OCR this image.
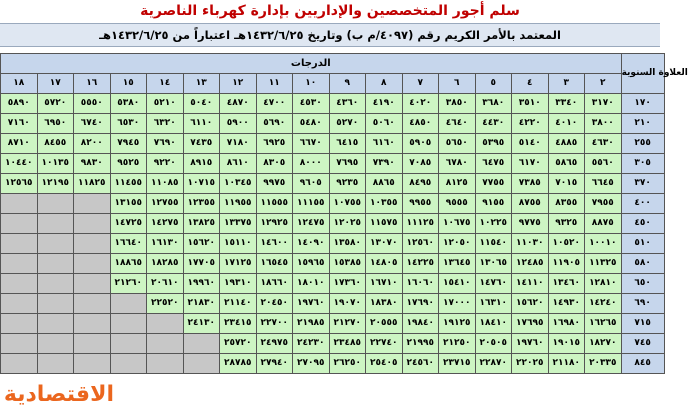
سلم أجور المتخصصين والإداريين بإدارة كهرباء الناصرية
المعتمد بالأمر الكريم رقم (٤٠٩٧/م ب) وتاريخ ١٤٣٢/٦/٢٥هـ اعتباراً من ١٤٣٢/٦/٢٥هـ
الدرجات																	العلاوة السنوية
١٨	١٧	١٦	١٥	١٤	١٣	١٢	١١	١٠	٩	٨	٧	٦	٥	٤	٣	٢	
٥٨٩٠	٥٧٢٠	٥٥٥٠	٥٣٨٠	٥٢١٠	٥٠٤٠	٤٨٧٠	٤٧٠٠	٤٥٣٠	٤٣٦٠	٤١٩٠	٤٠٢٠	٣٨٥٠	٣٦٨٠	٣٥١٠	٣٣٤٠	٣١٧٠	١٧٠
٧١٦٠	٦٩٥٠	٦٧٤٠	٦٥٣٠	٦٣٢٠	٦١١٠	٥٩٠٠	٥٦٩٠	٥٤٨٠	٥٢٧٠	٥٠٦٠	٤٨٥٠	٤٦٤٠	٤٤٣٠	٤٢٢٠	٤٠١٠	٣٨٠٠	٢١٠
٨٧١٠	٨٤٥٥	٨٢٠٠	٧٩٤٥	٧٦٩٠	٧٤٣٥	٧١٨٠	٦٩٢٥	٦٦٧٠	٦٤١٥	٦١٦٠	٥٩٠٥	٥٦٥٠	٥٣٩٥	٥١٤٠	٤٨٨٥	٤٦٣٠	٢٥٥
١٠٤٤٠	١٠١٣٥	٩٨٣٠	٩٥٢٥	٩٢٢٠	٨٩١٥	٨٦١٠	٨٣٠٥	٨٠٠٠	٧٦٩٥	٧٣٩٠	٧٠٨٥	٦٧٨٠	٦٤٧٥	٦١٧٠	٥٨٦٥	٥٥٦٠	٣٠٥
١٢٥٦٥	١٢١٩٥	١١٨٢٥	١١٤٥٥	١١٠٨٥	١٠٧١٥	١٠٣٤٥	٩٩٧٥	٩٦٠٥	٩٢٣٥	٨٨٦٥	٨٤٩٥	٨١٢٥	٧٧٥٥	٧٣٨٥	٧٠١٥	٦٦٤٥	٣٧٠
			١٣١٥٥	١٢٧٥٥	١٢٣٥٥	١١٩٥٥	١١٥٥٥	١١١٥٥	١٠٧٥٥	١٠٣٥٥	٩٩٥٥	٩٥٥٥	٩١٥٥	٨٧٥٥	٨٣٥٥	٧٩٥٥	٤٠٠
			١٤٧٢٥	١٤٢٧٥	١٣٨٢٥	١٣٣٧٥	١٢٩٢٥	١٢٤٧٥	١٢٠٢٥	١١٥٧٥	١١١٢٥	١٠٦٧٥	١٠٢٢٥	٩٧٧٥	٩٣٢٥	٨٨٧٥	٤٥٠
			١٦٦٤٠	١٦١٣٠	١٥٦٢٠	١٥١١٠	١٤٦٠٠	١٤٠٩٠	١٣٥٨٠	١٣٠٧٠	١٢٥٦٠	١٢٠٥٠	١١٥٤٠	١١٠٣٠	١٠٥٢٠	١٠٠١٠	٥١٠
			١٨٨٦٥	١٨٢٨٥	١٧٧٠٥	١٧١٢٥	١٦٥٤٥	١٥٩٦٥	١٥٣٨٥	١٤٨٠٥	١٤٢٢٥	١٣٦٤٥	١٣٠٦٥	١٢٤٨٥	١١٩٠٥	١١٣٢٥	٥٨٠
			٢١٢٦٠	٢٠٦١٠	١٩٩٦٠	١٩٣١٠	١٨٦٦٠	١٨٠١٠	١٧٣٦٠	١٦٧١٠	١٦٠٦٠	١٥٤١٠	١٤٧٦٠	١٤١١٠	١٣٤٦٠	١٢٨١٠	٦٥٠
				٢٢٥٢٠	٢١٨٣٠	٢١١٤٠	٢٠٤٥٠	١٩٧٦٠	١٩٠٧٠	١٨٣٨٠	١٧٦٩٠	١٧٠٠٠	١٦٣١٠	١٥٦٢٠	١٤٩٣٠	١٤٢٤٠	٦٩٠
					٢٤١٣٠	٢٣٤١٥	٢٢٧٠٠	٢١٩٨٥	٢١٢٧٠	٢٠٥٥٥	١٩٨٤٠	١٩١٢٥	١٨٤١٠	١٧٦٩٥	١٦٩٨٠	١٦٢٦٥	٧١٥
						٢٥٧٢٠	٢٤٩٧٥	٢٤٢٣٠	٢٣٤٨٥	٢٢٧٤٠	٢١٩٩٥	٢١٢٥٠	٢٠٥٠٥	١٩٧٦٠	١٩٠١٥	١٨٢٧٠	٧٤٥
						٢٨٧٨٥	٢٧٩٤٠	٢٧٠٩٥	٢٦٢٥٠	٢٥٤٠٥	٢٤٥٦٠	٢٣٧١٥	٢٢٨٧٠	٢٢٠٢٥	٢١١٨٠	٢٠٣٣٥	٨٤٥
الاقتصادية
